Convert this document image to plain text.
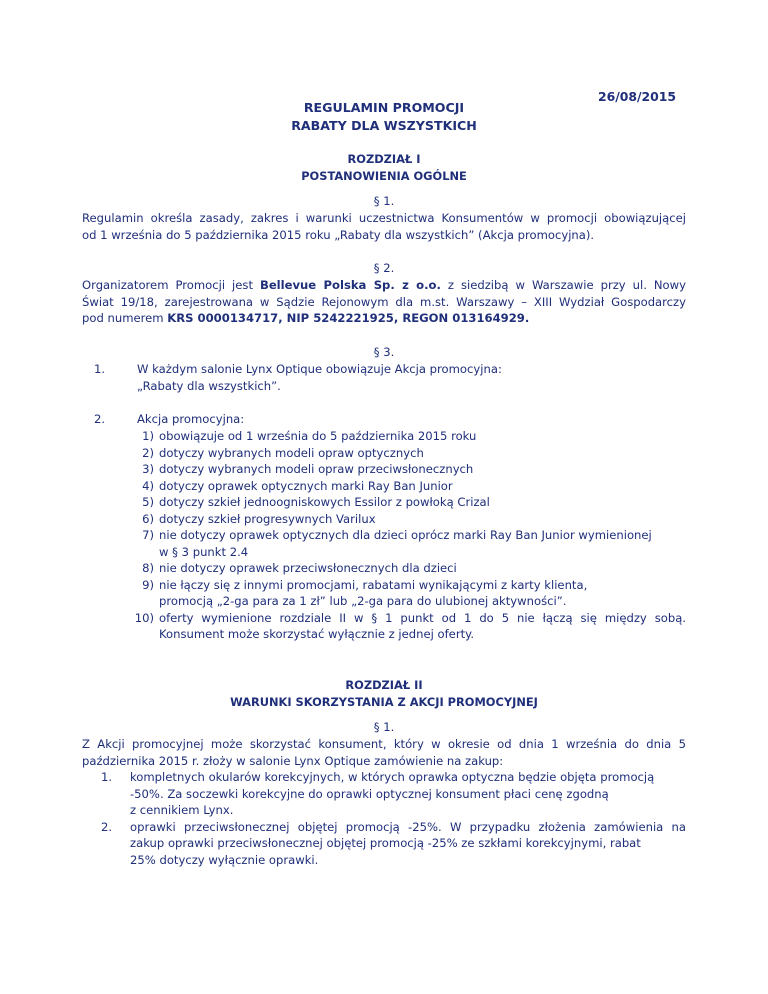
26/08/2015
REGULAMIN PROMOCJI
RABATY DLA WSZYSTKICH
ROZDZIAŁ I
POSTANOWIENIA OGÓLNE
§ 1.
Regulamin określa zasady, zakres i warunki uczestnictwa Konsumentów w promocji obowiązującej
od 1 września do 5 października 2015 roku „Rabaty dla wszystkich” (Akcja promocyjna).
§ 2.
Organizatorem Promocji jest Bellevue Polska Sp. z o.o. z siedzibą w Warszawie przy ul. Nowy
Świat 19/18, zarejestrowana w Sądzie Rejonowym dla m.st. Warszawy – XIII Wydział Gospodarczy
pod numerem KRS 0000134717, NIP 5242221925, REGON 013164929.
§ 3.
1.	W każdym salonie Lynx Optique obowiązuje Akcja promocyjna:
„Rabaty dla wszystkich”.
2.	Akcja promocyjna:
1) obowiązuje od 1 września do 5 października 2015 roku
2) dotyczy wybranych modeli opraw optycznych
3) dotyczy wybranych modeli opraw przeciwsłonecznych
4) dotyczy oprawek optycznych marki Ray Ban Junior
5) dotyczy szkieł jednoogniskowych Essilor z powłoką Crizal
6) dotyczy szkieł progresywnych Varilux
7) nie dotyczy oprawek optycznych dla dzieci oprócz marki Ray Ban Junior wymienionej
w § 3 punkt 2.4
8) nie dotyczy oprawek przeciwsłonecznych dla dzieci
9) nie łączy się z innymi promocjami, rabatami wynikającymi z karty klienta,
promocją „2-ga para za 1 zł” lub „2-ga para do ulubionej aktywności”.
10) oferty wymienione rozdziale II w § 1 punkt od 1 do 5 nie łączą się między sobą.
Konsument może skorzystać wyłącznie z jednej oferty.
ROZDZIAŁ II
WARUNKI SKORZYSTANIA Z AKCJI PROMOCYJNEJ
§ 1.
Z Akcji promocyjnej może skorzystać konsument, który w okresie od dnia 1 września do dnia 5
października 2015 r. złoży w salonie Lynx Optique zamówienie na zakup:
1. kompletnych okularów korekcyjnych, w których oprawka optyczna będzie objęta promocją
-50%. Za soczewki korekcyjne do oprawki optycznej konsument płaci cenę zgodną
z cennikiem Lynx.
2. oprawki przeciwsłonecznej objętej promocją -25%. W przypadku złożenia zamówienia na
zakup oprawki przeciwsłonecznej objętej promocją -25% ze szkłami korekcyjnymi, rabat
25% dotyczy wyłącznie oprawki.
